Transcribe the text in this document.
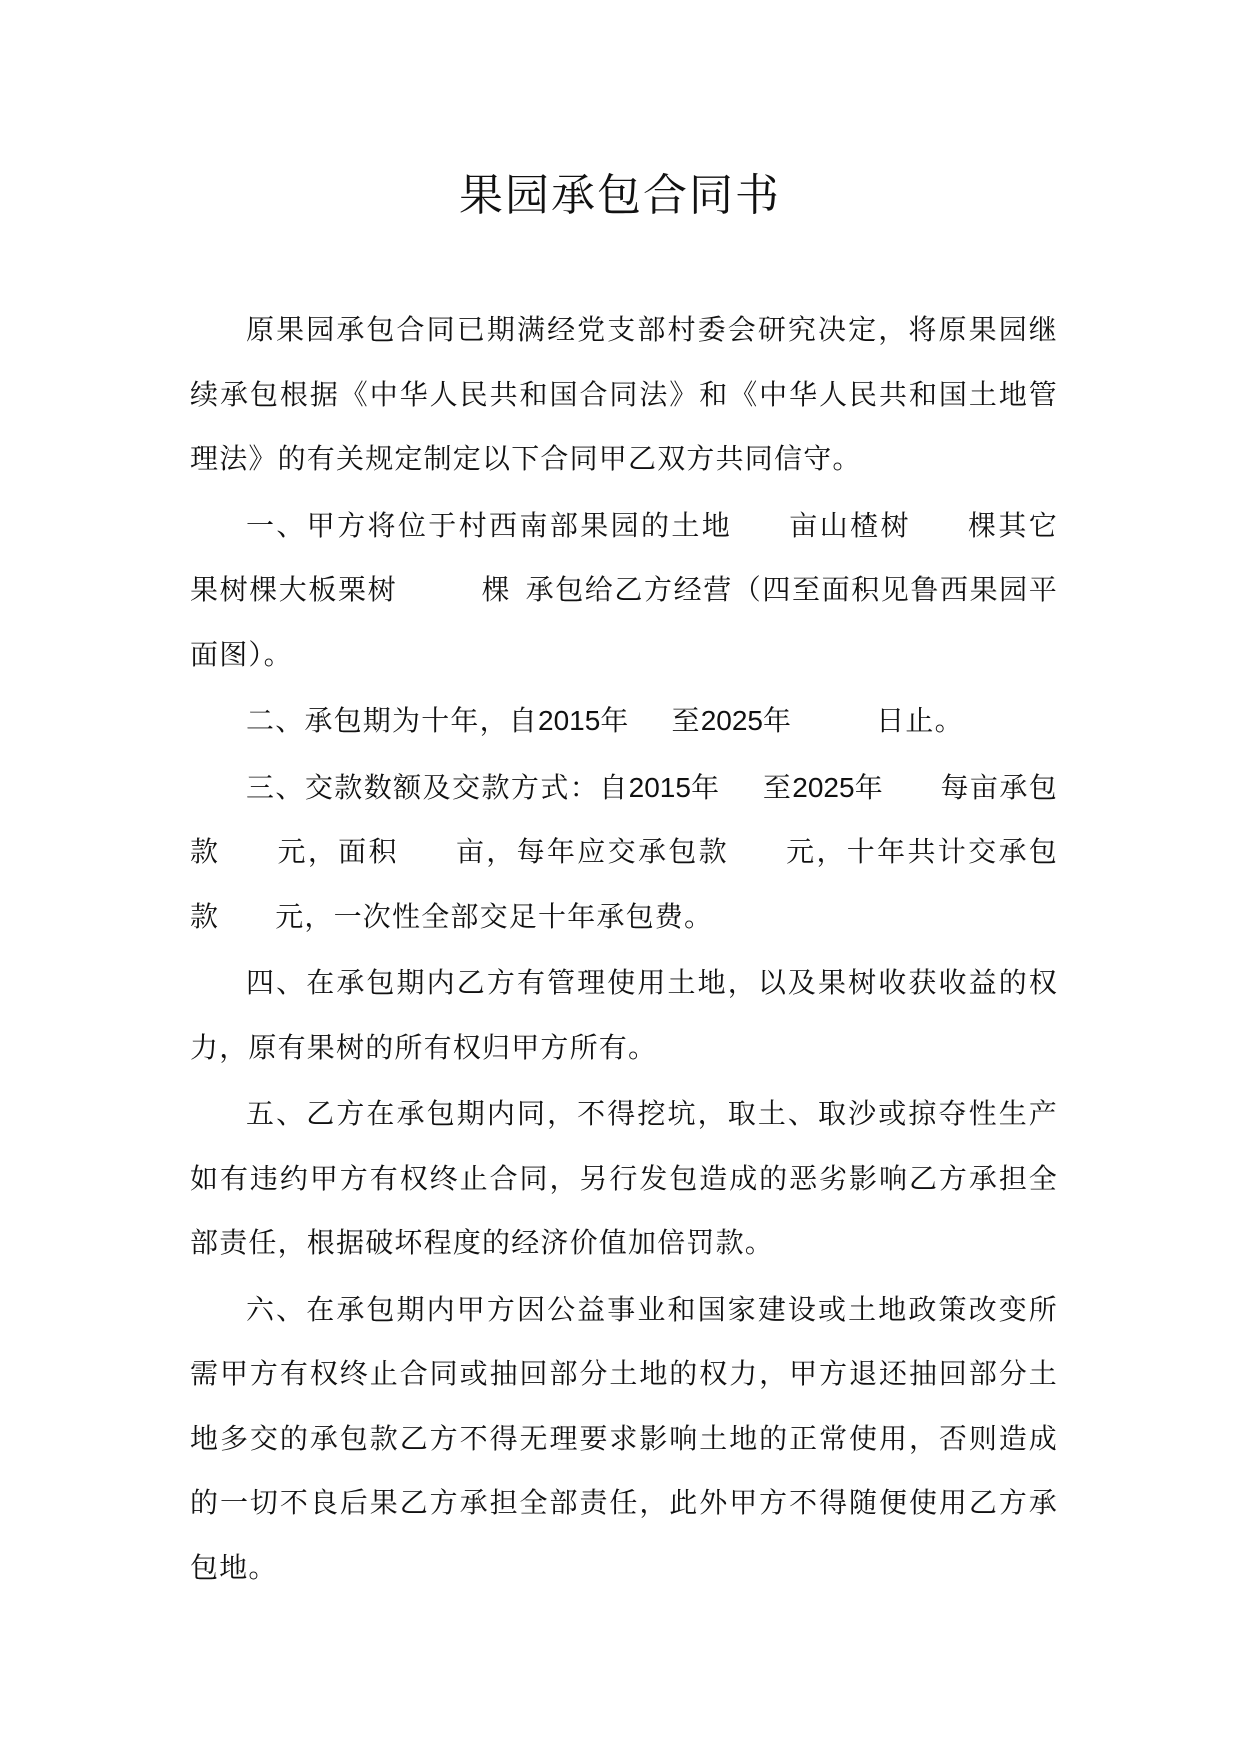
果园承包合同书

原果园承包合同已期满经党支部村委会研究决定，将原果园继续承包根据《中华人民共和国合同法》和《中华人民共和国土地管理法》的有关规定制定以下合同甲乙双方共同信守。

一、甲方将位于村西南部果园的土地 亩山楂树 棵其它果树棵大板栗树	棵 承包给乙方经营（四至面积见鲁西果园平面图）。

二、承包期为十年，自2015年 至2025年	日止。

三、交款数额及交款方式：自2015年 至2025年 每亩承包款 元，面积 亩，每年应交承包款 元，十年共计交承包款 元，一次性全部交足十年承包费。

四、在承包期内乙方有管理使用土地，以及果树收获收益的权力，原有果树的所有权归甲方所有。

五、乙方在承包期内同，不得挖坑，取土、取沙或掠夺性生产如有违约甲方有权终止合同，另行发包造成的恶劣影响乙方承担全部责任，根据破坏程度的经济价值加倍罚款。

六、在承包期内甲方因公益事业和国家建设或土地政策改变所需甲方有权终止合同或抽回部分土地的权力，甲方退还抽回部分土地多交的承包款乙方不得无理要求影响土地的正常使用，否则造成的一切不良后果乙方承担全部责任，此外甲方不得随便使用乙方承包地。
